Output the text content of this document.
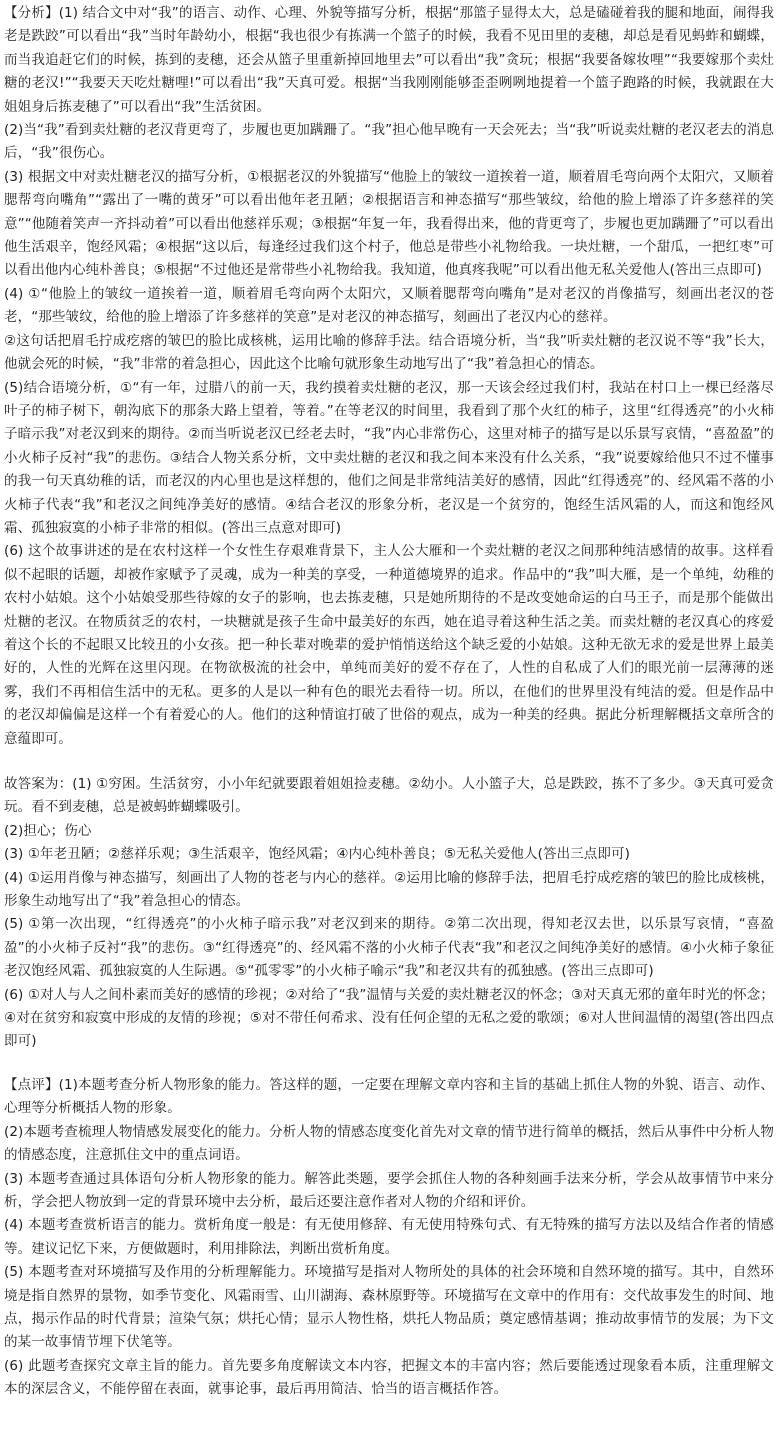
【分析】(1) 结合文中对“我”的语言、动作、心理、外貌等描写分析，根据“那篮子显得太大，总是磕碰着我的腿和地面，闹得我老是跌跤”可以看出“我”当时年龄幼小，根据“我也很少有拣满一个篮子的时候，我看不见田里的麦穗，却总是看见蚂蚱和蝴蝶，而当我追赶它们的时候，拣到的麦穗，还会从篮子里重新掉回地里去”可以看出“我”贪玩；根据“我要备嫁妆哩”“我要嫁那个卖灶糖的老汉!”“我要天天吃灶糖哩!”可以看出“我”天真可爱。根据“当我刚刚能够歪歪咧咧地提着一个篮子跑路的时候，我就跟在大姐姐身后拣麦穗了”可以看出“我”生活贫困。

(2)当“我”看到卖灶糖的老汉背更弯了，步履也更加蹒跚了。“我”担心他早晚有一天会死去；当“我”听说卖灶糖的老汉老去的消息后，“我”很伤心。

(3) 根据文中对卖灶糖老汉的描写分析，①根据老汉的外貌描写“他脸上的皱纹一道挨着一道，顺着眉毛弯向两个太阳穴，又顺着腮帮弯向嘴角”“露出了一嘴的黄牙”可以看出他年老丑陋；②根据语言和神态描写“那些皱纹，给他的脸上增添了许多慈祥的笑意”“他随着笑声一齐抖动着”可以看出他慈祥乐观；③根据“年复一年，我看得出来，他的背更弯了，步履也更加蹒跚了”可以看出他生活艰辛，饱经风霜；④根据“这以后，每逢经过我们这个村子，他总是带些小礼物给我。一块灶糖，一个甜瓜，一把红枣”可以看出他内心纯朴善良；⑤根据“不过他还是常带些小礼物给我。我知道，他真疼我呢”可以看出他无私关爱他人(答出三点即可)

(4) ①“他脸上的皱纹一道挨着一道，顺着眉毛弯向两个太阳穴，又顺着腮帮弯向嘴角”是对老汉的肖像描写，刻画出老汉的苍老，“那些皱纹，给他的脸上增添了许多慈祥的笑意”是对老汉的神态描写，刻画出了老汉内心的慈祥。

②这句话把眉毛拧成疙瘩的皱巴的脸比成核桃，运用比喻的修辞手法。结合语境分析，当“我”听卖灶糖的老汉说不等“我”长大，他就会死的时候，“我”非常的着急担心，因此这个比喻句就形象生动地写出了“我”着急担心的情态。

(5)结合语境分析，①“有一年，过腊八的前一天，我约摸着卖灶糖的老汉，那一天该会经过我们村，我站在村口上一棵已经落尽叶子的柿子树下，朝沟底下的那条大路上望着，等着。”在等老汉的时间里，我看到了那个火红的柿子，这里“红得透亮”的小火柿子暗示我”对老汉到来的期待。②而当听说老汉已经老去时，“我”内心非常伤心，这里对柿子的描写是以乐景写哀情，“喜盈盈”的小火柿子反衬“我”的悲伤。③结合人物关系分析，文中卖灶糖的老汉和我之间本来没有什么关系，“我”说要嫁给他只不过不懂事的我一句天真幼稚的话，而老汉的内心里也是这样想的，他们之间是非常纯洁美好的感情，因此“红得透亮”的、经风霜不落的小火柿子代表“我”和老汉之间纯净美好的感情。④结合老汉的形象分析，老汉是一个贫穷的，饱经生活风霜的人，而这和饱经风霜、孤独寂寞的小柿子非常的相似。(答出三点意对即可)

(6) 这个故事讲述的是在农村这样一个女性生存艰难背景下，主人公大雁和一个卖灶糖的老汉之间那种纯洁感情的故事。这样看似不起眼的话题，却被作家赋予了灵魂，成为一种美的享受，一种道德境界的追求。作品中的“我”叫大雁，是一个单纯，幼稚的农村小姑娘。这个小姑娘受那些待嫁的女子的影响，也去拣麦穗，只是她所期待的不是改变她命运的白马王子，而是那个能做出灶糖的老汉。在物质贫乏的农村，一块糖就是孩子生命中最美好的东西，她在追寻着这种生活之美。而卖灶糖的老汉真心的疼爱着这个长的不起眼又比较丑的小女孩。把一种长辈对晚辈的爱护悄悄送给这个缺乏爱的小姑娘。这种无欲无求的爱是世界上最美好的，人性的光辉在这里闪现。在物欲极流的社会中，单纯而美好的爱不存在了，人性的自私成了人们的眼光前一层薄薄的迷雾，我们不再相信生活中的无私。更多的人是以一种有色的眼光去看待一切。所以，在他们的世界里没有纯洁的爱。但是作品中的老汉却偏偏是这样一个有着爱心的人。他们的这种情谊打破了世俗的观点，成为一种美的经典。据此分析理解概括文章所含的意蕴即可。

故答案为：(1) ①穷困。生活贫穷，小小年纪就要跟着姐姐捡麦穗。②幼小。人小篮子大，总是跌跤，拣不了多少。③天真可爱贪玩。看不到麦穗，总是被蚂蚱蝴蝶吸引。

(2)担心；伤心

(3) ①年老丑陋；②慈祥乐观；③生活艰辛，饱经风霜；④内心纯朴善良；⑤无私关爱他人(答出三点即可)

(4) ①运用肖像与神态描写，刻画出了人物的苍老与内心的慈祥。②运用比喻的修辞手法，把眉毛拧成疙瘩的皱巴的脸比成核桃，形象生动地写出了“我”着急担心的情态。

(5) ①第一次出现，“红得透亮”的小火柿子暗示我”对老汉到来的期待。②第二次出现，得知老汉去世，以乐景写哀情，“喜盈盈”的小火柿子反衬“我”的悲伤。③“红得透亮”的、经风霜不落的小火柿子代表“我”和老汉之间纯净美好的感情。④小火柿子象征老汉饱经风霜、孤独寂寞的人生际遇。⑤“孤零零”的小火柿子喻示“我”和老汉共有的孤独感。(答出三点即可)

(6) ①对人与人之间朴素而美好的感情的珍视；②对给了“我”温情与关爱的卖灶糖老汉的怀念；③对天真无邪的童年时光的怀念；④对在贫穷和寂寞中形成的友情的珍视；⑤对不带任何希求、没有任何企望的无私之爱的歌颂；⑥对人世间温情的渴望(答出四点即可)

【点评】(1)本题考查分析人物形象的能力。答这样的题，一定要在理解文章内容和主旨的基础上抓住人物的外貌、语言、动作、心理等分析概括人物的形象。

(2)本题考查梳理人物情感发展变化的能力。分析人物的情感态度变化首先对文章的情节进行简单的概括，然后从事件中分析人物的情感态度，注意抓住文中的重点词语。

(3) 本题考查通过具体语句分析人物形象的能力。解答此类题，要学会抓住人物的各种刻画手法来分析，学会从故事情节中来分析，学会把人物放到一定的背景环境中去分析，最后还要注意作者对人物的介绍和评价。

(4) 本题考查赏析语言的能力。赏析角度一般是：有无使用修辞、有无使用特殊句式、有无特殊的描写方法以及结合作者的情感等。建议记忆下来，方便做题时，利用排除法，判断出赏析角度。

(5) 本题考查对环境描写及作用的分析理解能力。环境描写是指对人物所处的具体的社会环境和自然环境的描写。其中，自然环境是指自然界的景物，如季节变化、风霜雨雪、山川湖海、森林原野等。环境描写在文章中的作用有：交代故事发生的时间、地点，揭示作品的时代背景；渲染气氛；烘托心情；显示人物性格，烘托人物品质；奠定感情基调；推动故事情节的发展；为下文的某一故事情节埋下伏笔等。

(6) 此题考查探究文章主旨的能力。首先要多角度解读文本内容，把握文本的丰富内容；然后要能透过现象看本质，注重理解文本的深层含义，不能停留在表面，就事论事，最后再用简洁、恰当的语言概括作答。
